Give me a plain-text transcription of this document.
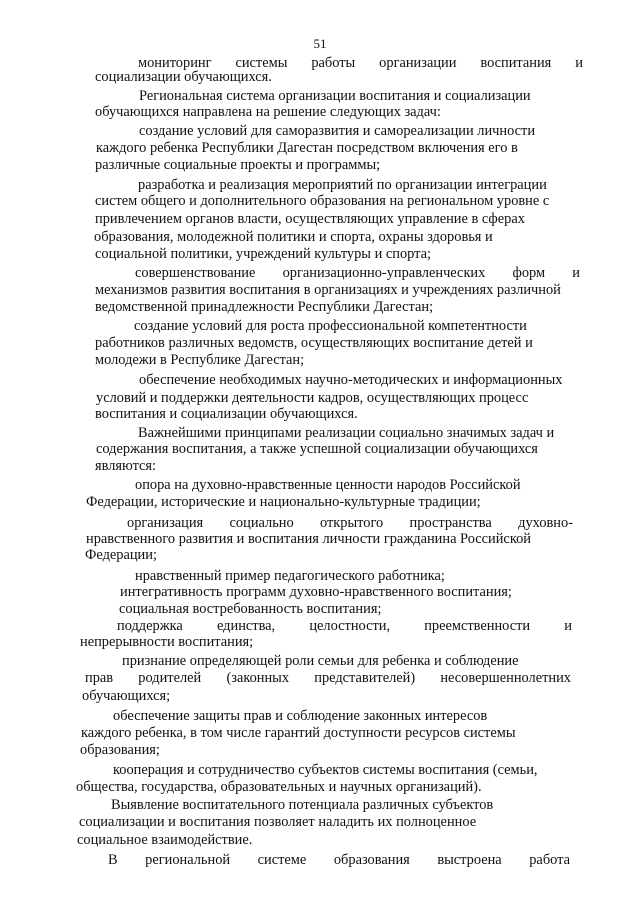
51
мониторинг системы работы организации воспитания и
социализации обучающихся.
Региональная система организации воспитания и социализации
обучающихся направлена на решение следующих задач:
создание условий для саморазвития и самореализации личности
каждого ребенка Республики Дагестан посредством включения его в
различные социальные проекты и программы;
разработка и реализация мероприятий по организации интеграции
систем общего и дополнительного образования на региональном уровне с
привлечением органов власти, осуществляющих управление в сферах
образования, молодежной политики и спорта, охраны здоровья и
социальной политики, учреждений культуры и спорта;
совершенствование организационно-управленческих форм и
механизмов развития воспитания в организациях и учреждениях различной
ведомственной принадлежности Республики Дагестан;
создание условий для роста профессиональной компетентности
работников различных ведомств, осуществляющих воспитание детей и
молодежи в Республике Дагестан;
обеспечение необходимых научно-методических и информационных
условий и поддержки деятельности кадров, осуществляющих процесс
воспитания и социализации обучающихся.
Важнейшими принципами реализации социально значимых задач и
содержания воспитания, а также успешной социализации обучающихся
являются:
опора на духовно-нравственные ценности народов Российской
Федерации, исторические и национально-культурные традиции;
организация социально открытого пространства духовно-
нравственного развития и воспитания личности гражданина Российской
Федерации;
нравственный пример педагогического работника;
интегративность программ духовно-нравственного воспитания;
социальная востребованность воспитания;
поддержка единства, целостности, преемственности и
непрерывности воспитания;
признание определяющей роли семьи для ребенка и соблюдение
прав родителей (законных представителей) несовершеннолетних
обучающихся;
обеспечение защиты прав и соблюдение законных интересов
каждого ребенка, в том числе гарантий доступности ресурсов системы
образования;
кооперация и сотрудничество субъектов системы воспитания (семьи,
общества, государства, образовательных и научных организаций).
Выявление воспитательного потенциала различных субъектов
социализации и воспитания позволяет наладить их полноценное
социальное взаимодействие.
В региональной системе образования выстроена работа
